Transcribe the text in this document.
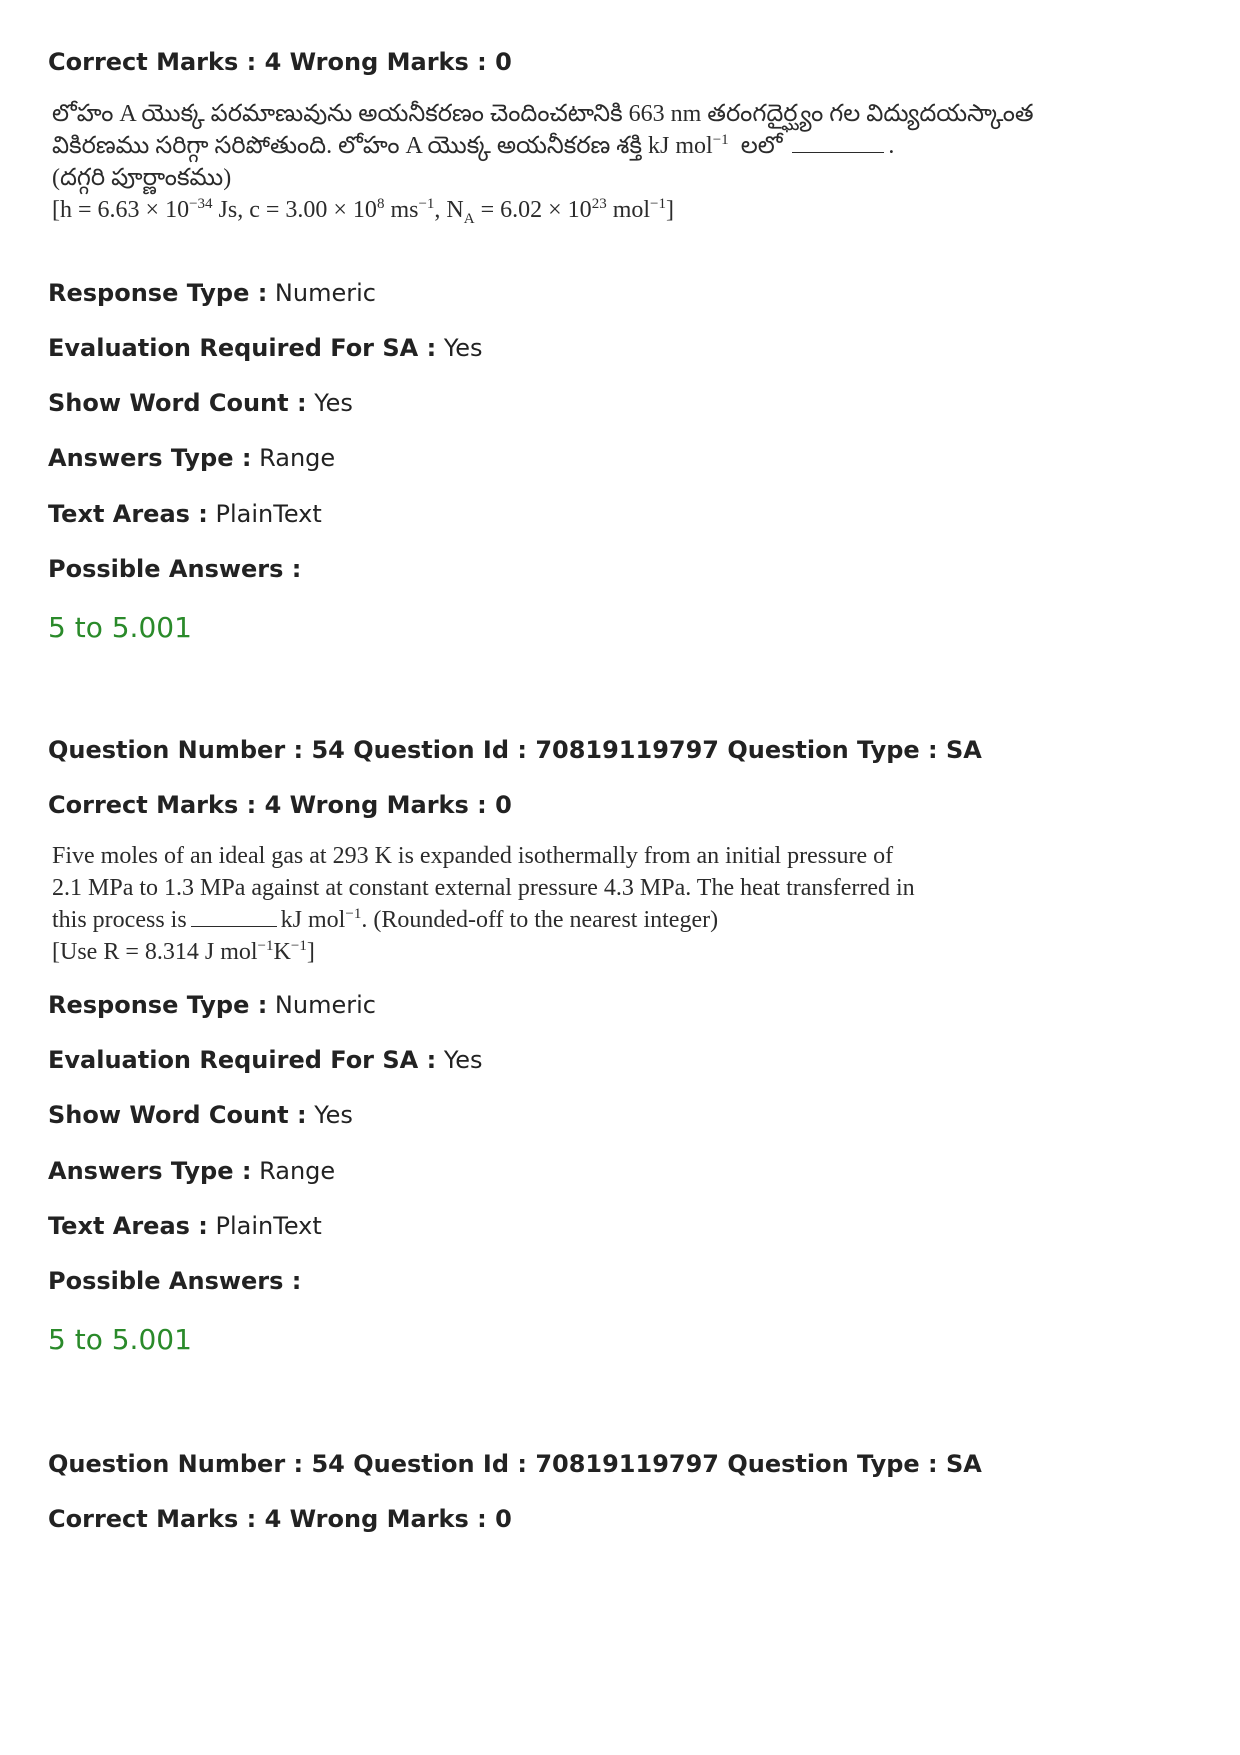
Correct Marks : 4 Wrong Marks : 0
లోహం A యొక్క పరమాణువును అయనీకరణం చెందించటానికి 663 nm తరంగదైర్ఘ్యం గల విద్యుదయస్కాంత
వికిరణము సరిగ్గా సరిపోతుంది. లోహం A యొక్క అయనీకరణ శక్తి kJ mol$^{-1}$ లలో	.
(దగ్గరి పూర్ణాంకము)
[$h = 6.63 \times 10^{-34}$ Js, $c = 3.00 \times 10^8$ $ms^{-1}$, $N_A = 6.02 \times 10^{23}$ mol$^{-1}$]
Response Type : Numeric
Evaluation Required For SA : Yes
Show Word Count : Yes
Answers Type : Range
Text Areas : PlainText
Possible Answers :
5 to 5.001
Question Number : 54 Question Id : 70819119797 Question Type : SA
Correct Marks : 4 Wrong Marks : 0
Five moles of an ideal gas at 293 K is expanded isothermally from an initial pressure of
2.1 MPa to 1.3 MPa against at constant external pressure 4.3 MPa. The heat transferred in
this process is	kJ mol$^{-1}$. (Rounded-off to the nearest integer)
[Use R = 8.314 J $mol^{-1}K^{-1}$]
Response Type : Numeric
Evaluation Required For SA : Yes
Show Word Count : Yes
Answers Type : Range
Text Areas : PlainText
Possible Answers :
5 to 5.001
Question Number : 54 Question Id : 70819119797 Question Type : SA
Correct Marks : 4 Wrong Marks : 0
